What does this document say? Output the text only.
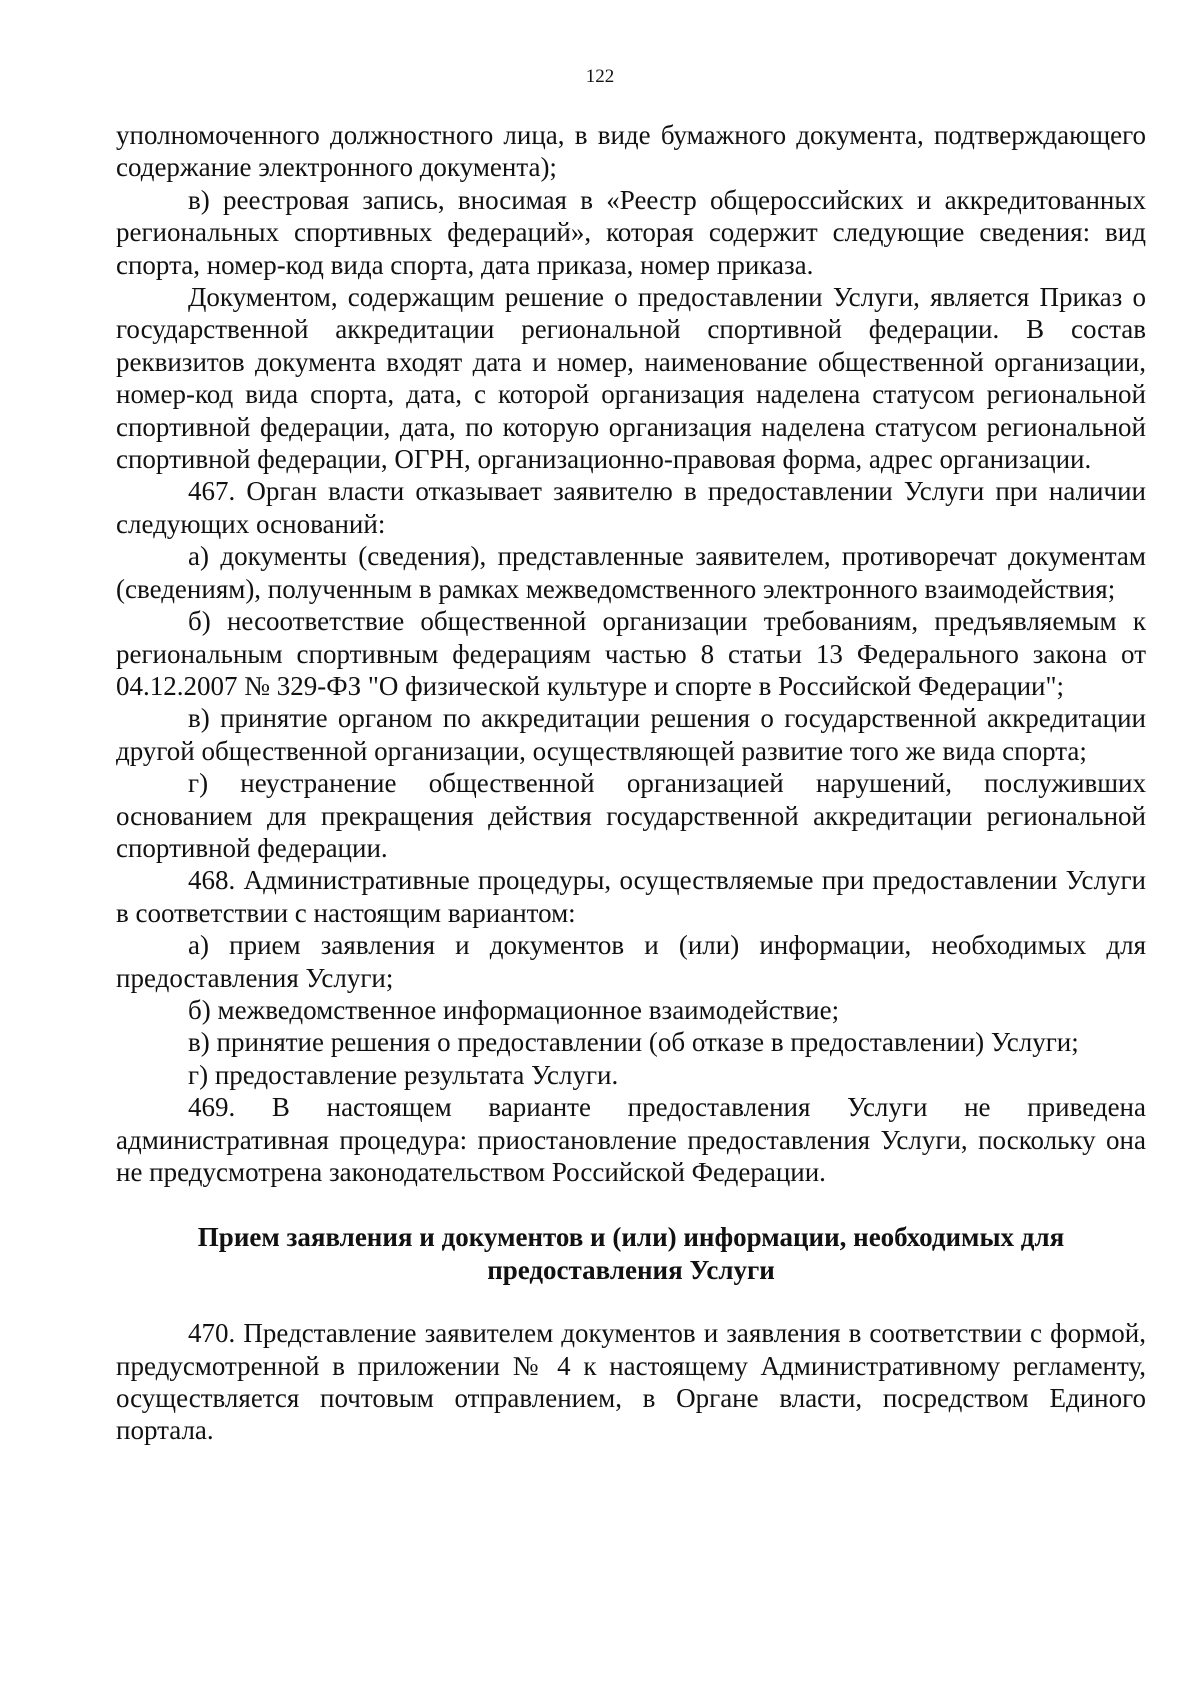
122

уполномоченного должностного лица, в виде бумажного документа, подтверждающего содержание электронного документа);

в) реестровая запись, вносимая в «Реестр общероссийских и аккредитованных региональных спортивных федераций», которая содержит следующие сведения: вид спорта, номер-код вида спорта, дата приказа, номер приказа.

Документом, содержащим решение о предоставлении Услуги, является Приказ о государственной аккредитации региональной спортивной федерации. В состав реквизитов документа входят дата и номер, наименование общественной организации, номер-код вида спорта, дата, с которой организация наделена статусом региональной спортивной федерации, дата, по которую организация наделена статусом региональной спортивной федерации, ОГРН, организационно-правовая форма, адрес организации.

467. Орган власти отказывает заявителю в предоставлении Услуги при наличии следующих оснований:

а) документы (сведения), представленные заявителем, противоречат документам (сведениям), полученным в рамках межведомственного электронного взаимодействия;

б) несоответствие общественной организации требованиям, предъявляемым к региональным спортивным федерациям частью 8 статьи 13 Федерального закона от 04.12.2007 № 329-ФЗ "О физической культуре и спорте в Российской Федерации";

в) принятие органом по аккредитации решения о государственной аккредитации другой общественной организации, осуществляющей развитие того же вида спорта;

г) неустранение общественной организацией нарушений, послуживших основанием для прекращения действия государственной аккредитации региональной спортивной федерации.

468. Административные процедуры, осуществляемые при предоставлении Услуги в соответствии с настоящим вариантом:

а) прием заявления и документов и (или) информации, необходимых для предоставления Услуги;

б) межведомственное информационное взаимодействие;

в) принятие решения о предоставлении (об отказе в предоставлении) Услуги;

г) предоставление результата Услуги.

469. В настоящем варианте предоставления Услуги не приведена административная процедура: приостановление предоставления Услуги, поскольку она не предусмотрена законодательством Российской Федерации.

Прием заявления и документов и (или) информации, необходимых для предоставления Услуги

470. Представление заявителем документов и заявления в соответствии с формой, предусмотренной в приложении № 4 к настоящему Административному регламенту, осуществляется почтовым отправлением, в Органе власти, посредством Единого портала.
